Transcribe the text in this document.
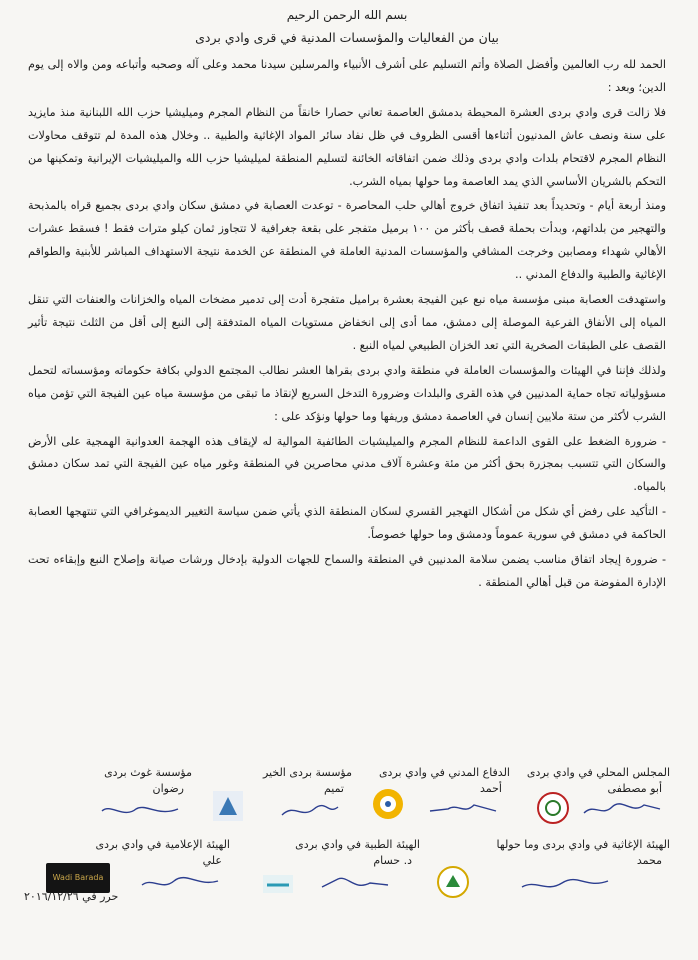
بسم الله الرحمن الرحيم
بيان من الفعاليات والمؤسسات المدنية في قرى وادي بردى

الحمد لله رب العالمين وأفضل الصلاة وأتم التسليم على أشرف الأنبياء والمرسلين سيدنا محمد وعلى آله وصحبه وأتباعه ومن والاه إلى يوم الدين؛ وبعد :

فلا زالت قرى وادي بردى العشرة المحيطة بدمشق العاصمة تعاني حصارا خانقاً من النظام المجرم وميليشيا حزب الله اللبنانية منذ مايزيد على سنة ونصف عاش المدنيون أثناءها أقسى الظروف في ظل نفاد سائر المواد الإغاثية والطبية .. وخلال هذه المدة لم تتوقف محاولات النظام المجرم لاقتحام بلدات وادي بردى وذلك ضمن اتفاقاته الخائنة لتسليم المنطقة لميليشيا حزب الله والميليشيات الإيرانية وتمكينها من التحكم بالشريان الأساسي الذي يمد العاصمة وما حولها بمياه الشرب.

ومنذ أربعة أيام - وتحديداً بعد تنفيذ اتفاق خروج أهالي حلب المحاصرة - توعدت العصابة في دمشق سكان وادي بردى بجميع قراه بالمذبحة والتهجير من بلداتهم، وبدأت بحملة قصف بأكثر من ١٠٠ برميل متفجر على بقعة جغرافية لا تتجاوز ثمان كيلو مترات فقط ! فسقط عشرات الأهالي شهداء ومصابين وخرجت المشافي والمؤسسات المدنية العاملة في المنطقة عن الخدمة نتيجة الاستهداف المباشر للأبنية والطواقم الإغاثية والطبية والدفاع المدني ..

واستهدفت العصابة مبنى مؤسسة مياه نبع عين الفيجة بعشرة براميل متفجرة أدت إلى تدمير مضخات المياه والخزانات والعنفات التي تنقل المياه إلى الأنفاق الفرعية الموصلة إلى دمشق، مما أدى إلى انخفاض مستويات المياه المتدفقة إلى النبع إلى أقل من الثلث نتيجة تأثير القصف على الطبقات الصخرية التي تعد الخزان الطبيعي لمياه النبع .

ولذلك فإننا في الهيئات والمؤسسات العاملة في منطقة وادي بردى بقراها العشر نطالب المجتمع الدولي بكافة حكوماته ومؤسساته لتحمل مسؤولياته تجاه حماية المدنيين في هذه القرى والبلدات وضرورة التدخل السريع لإنقاذ ما تبقى من مؤسسة مياه عين الفيجة التي تؤمن مياه الشرب لأكثر من ستة ملايين إنسان في العاصمة دمشق وريفها وما حولها ونؤكد على :

- ضرورة الضغط على القوى الداعمة للنظام المجرم والميليشيات الطائفية الموالية له لإيقاف هذه الهجمة العدوانية الهمجية على الأرض والسكان التي تتسبب بمجزرة بحق أكثر من مئة وعشرة آلاف مدني محاصرين في المنطقة وغور مياه عين الفيجة التي تمد سكان دمشق بالمياه.

- التأكيد على رفض أي شكل من أشكال التهجير القسري لسكان المنطقة الذي يأتي ضمن سياسة التغيير الديموغرافي التي تنتهجها العصابة الحاكمة في دمشق في سورية عموماً ودمشق وما حولها خصوصاً.

- ضرورة إيجاد اتفاق مناسب يضمن سلامة المدنيين في المنطقة والسماح للجهات الدولية بإدخال ورشات صيانة وإصلاح النبع وإبقاءه تحت الإدارة المفوضة من قبل أهالي المنطقة .

المجلس المحلي في وادي بردى
أبو مصطفى
الدفاع المدني في وادي بردى
أحمد
مؤسسة بردى الخير
تميم
مؤسسة غوث بردى
رضوان
الهيئة الإغاثية في وادي بردى وما حولها
محمد
الهيئة الطبية في وادي بردى
د. حسام
الهيئة الإعلامية في وادي بردى
علي
Wadi Barada
حرر في ٢٠١٦/١٢/٢٦
